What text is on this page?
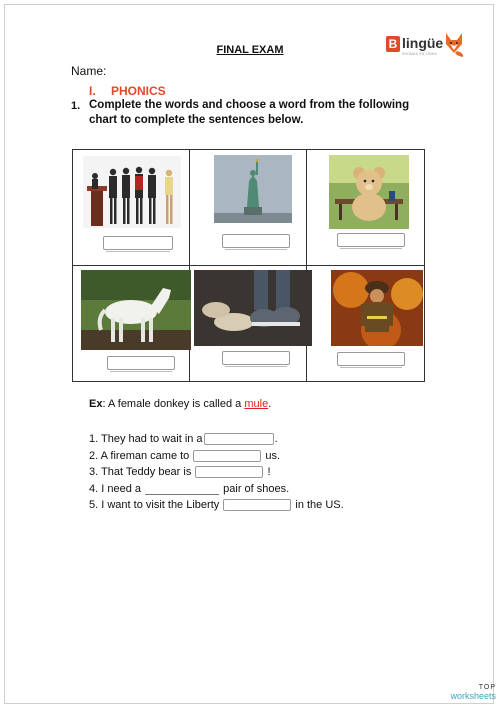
FINAL EXAM	B lingüe
IDIOMAS EN LÍNEA
Name:
I. PHONICS
1. Complete the words and choose a word from the following chart to complete the sentences below.
Ex: A female donkey is called a mule.
1. They had to wait in a	.
2. A fireman came to	us.
3. That Teddy bear is	!
4. I need a	pair of shoes.
5. I want to visit the Liberty	in the US.
TOP
worksheets
